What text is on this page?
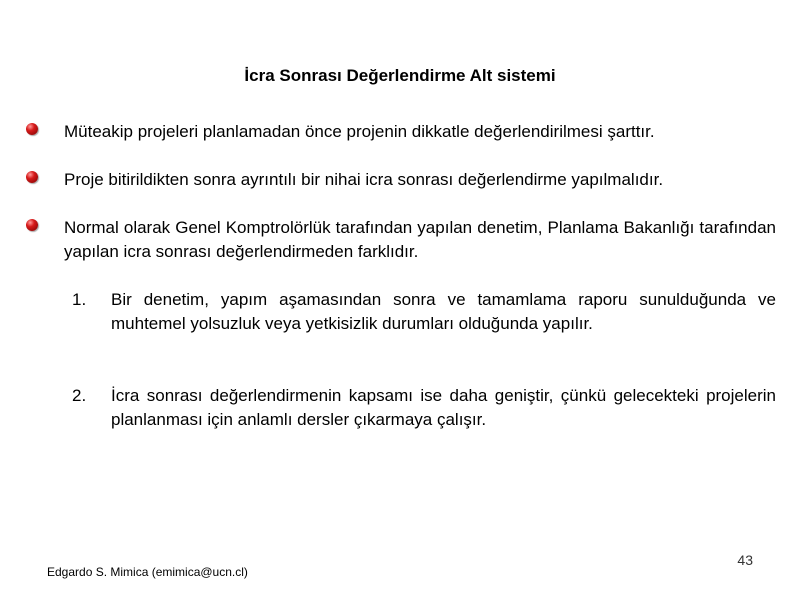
İcra Sonrası Değerlendirme Alt sistemi
Müteakip projeleri planlamadan önce projenin dikkatle değerlendirilmesi şarttır.
Proje bitirildikten sonra ayrıntılı bir nihai icra sonrası değerlendirme yapılmalıdır.
Normal olarak Genel Komptrolörlük tarafından yapılan denetim, Planlama Bakanlığı tarafından yapılan icra sonrası değerlendirmeden farklıdır.
1. Bir denetim, yapım aşamasından sonra ve tamamlama raporu sunulduğunda ve muhtemel yolsuzluk veya yetkisizlik durumları olduğunda yapılır.
2. İcra sonrası değerlendirmenin kapsamı ise daha geniştir, çünkü gelecekteki projelerin planlanması için anlamlı dersler çıkarmaya çalışır.
43
Edgardo S. Mimica (emimica@ucn.cl)
